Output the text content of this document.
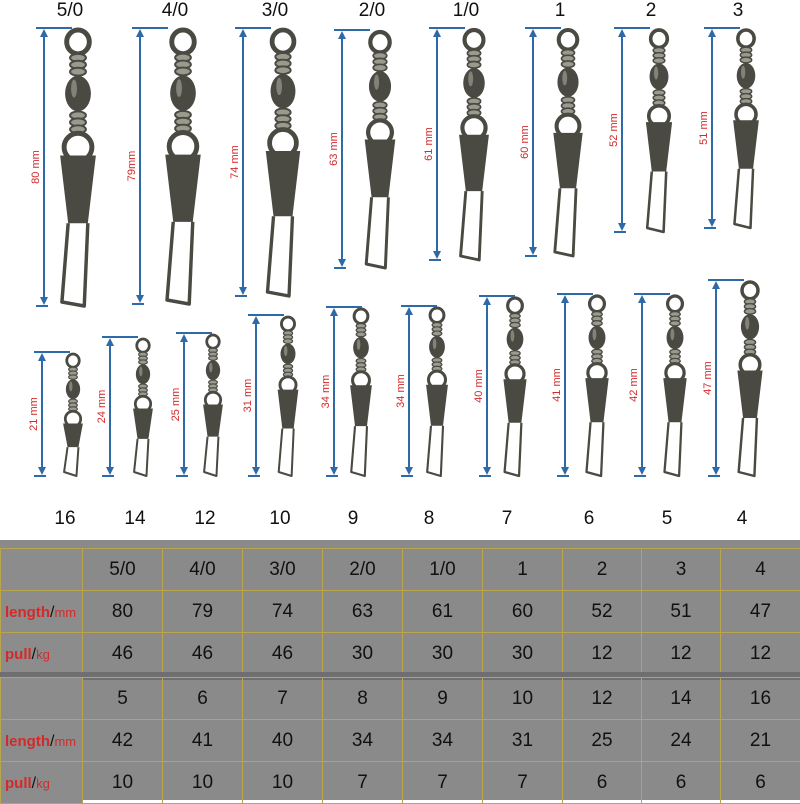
80 mm
5/0
79mm
4/0
74 mm
3/0
63 mm
2/0
61 mm
1/0
60 mm
1
52 mm
2
51 mm
3
21 mm
16
24 mm
14
25 mm
12
31 mm
10
34 mm
9
34 mm
8
40 mm
7
41 mm
6
42 mm
5
47 mm
4
	5/0	4/0	3/0	2/0	1/0	1	2	3	4
length/mm	80	79	74	63	61	60	52	51	47
pull/kg	46	46	46	30	30	30	12	12	12
	5	6	7	8	9	10	12	14	16
length/mm	42	41	40	34	34	31	25	24	21
pull/kg	10	10	10	7	7	7	6	6	6
